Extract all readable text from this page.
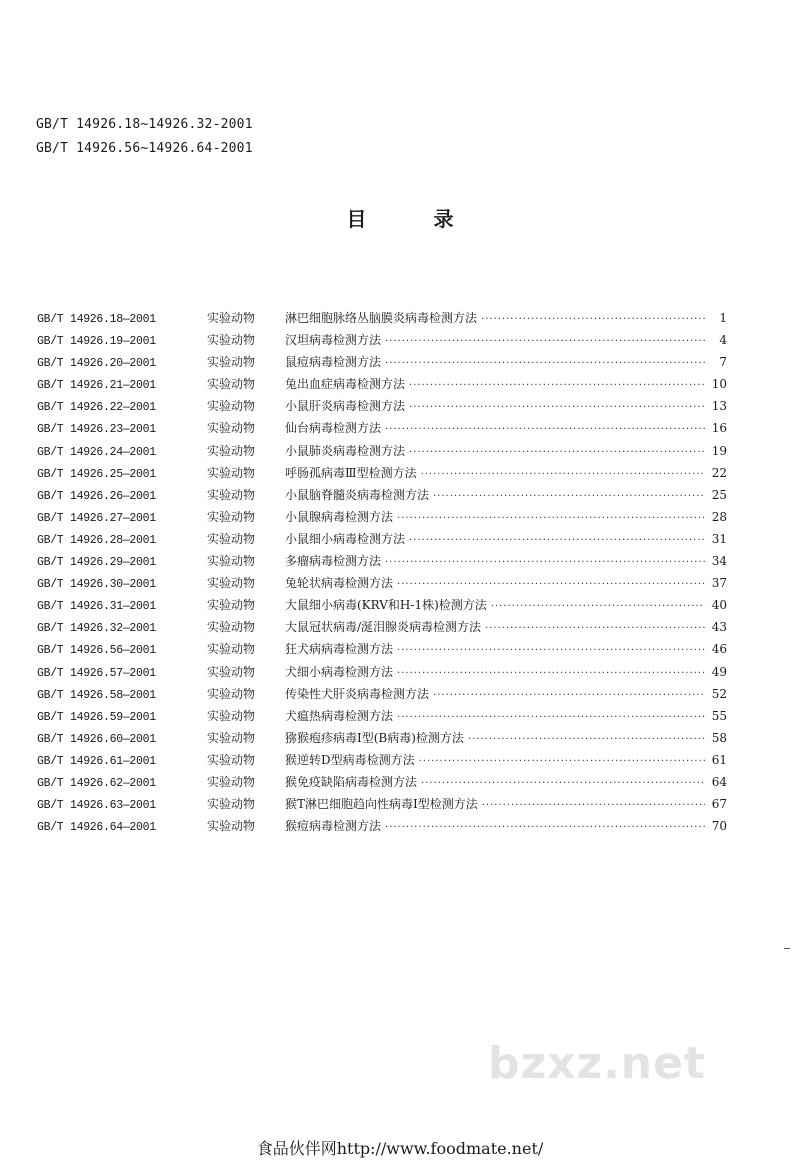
GB/T 14926.18~14926.32-2001
GB/T 14926.56~14926.64-2001
目 录
GB/T 14926.18—2001	实验动物	淋巴细胞脉络丛脑膜炎病毒检测方法 ·····	1
GB/T 14926.19—2001	实验动物	汉坦病毒检测方法 ·····	4
GB/T 14926.20—2001	实验动物	鼠痘病毒检测方法 ·····	7
GB/T 14926.21—2001	实验动物	兔出血症病毒检测方法 ·····	10
GB/T 14926.22—2001	实验动物	小鼠肝炎病毒检测方法 ·····	13
GB/T 14926.23—2001	实验动物	仙台病毒检测方法 ·····	16
GB/T 14926.24—2001	实验动物	小鼠肺炎病毒检测方法 ·····	19
GB/T 14926.25—2001	实验动物	呼肠孤病毒Ⅲ型检测方法 ·····	22
GB/T 14926.26—2001	实验动物	小鼠脑脊髓炎病毒检测方法 ·····	25
GB/T 14926.27—2001	实验动物	小鼠腺病毒检测方法 ·····	28
GB/T 14926.28—2001	实验动物	小鼠细小病毒检测方法 ·····	31
GB/T 14926.29—2001	实验动物	多瘤病毒检测方法 ·····	34
GB/T 14926.30—2001	实验动物	兔轮状病毒检测方法 ·····	37
GB/T 14926.31—2001	实验动物	大鼠细小病毒(KRV和H-1株)检测方法 ·····	40
GB/T 14926.32—2001	实验动物	大鼠冠状病毒/涎泪腺炎病毒检测方法 ·····	43
GB/T 14926.56—2001	实验动物	狂犬病病毒检测方法 ·····	46
GB/T 14926.57—2001	实验动物	犬细小病毒检测方法 ·····	49
GB/T 14926.58—2001	实验动物	传染性犬肝炎病毒检测方法 ·····	52
GB/T 14926.59—2001	实验动物	犬瘟热病毒检测方法 ·····	55
GB/T 14926.60—2001	实验动物	猕猴疱疹病毒Ⅰ型(B病毒)检测方法 ·····	58
GB/T 14926.61—2001	实验动物	猴逆转D型病毒检测方法 ·····	61
GB/T 14926.62—2001	实验动物	猴免疫缺陷病毒检测方法 ·····	64
GB/T 14926.63—2001	实验动物	猴T淋巴细胞趋向性病毒Ⅰ型检测方法 ·····	67
GB/T 14926.64—2001	实验动物	猴痘病毒检测方法 ·····	70
bzxz.net
食品伙伴网http://www.foodmate.net/
